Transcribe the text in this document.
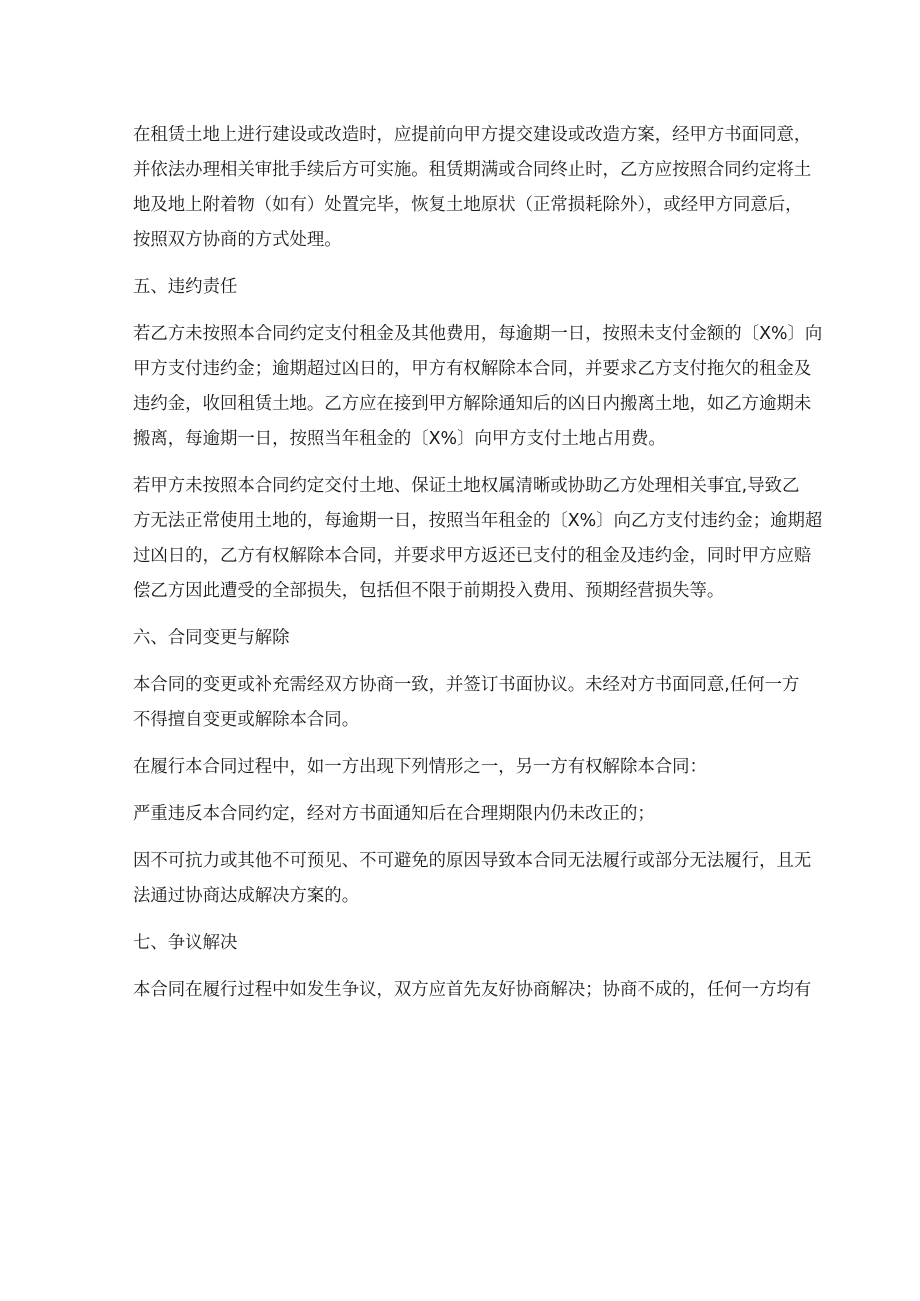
在租赁土地上进行建设或改造时，应提前向甲方提交建设或改造方案，经甲方书面同意，
并依法办理相关审批手续后方可实施。租赁期满或合同终止时，乙方应按照合同约定将土
地及地上附着物（如有）处置完毕，恢复土地原状（正常损耗除外），或经甲方同意后，
按照双方协商的方式处理。
五、违约责任
若乙方未按照本合同约定支付租金及其他费用，每逾期一日，按照未支付金额的〔X%〕向
甲方支付违约金；逾期超过凶日的，甲方有权解除本合同，并要求乙方支付拖欠的租金及
违约金，收回租赁土地。乙方应在接到甲方解除通知后的凶日内搬离土地，如乙方逾期未
搬离，每逾期一日，按照当年租金的〔X%〕向甲方支付土地占用费。
若甲方未按照本合同约定交付土地、保证土地权属清晰或协助乙方处理相关事宜,导致乙
方无法正常使用土地的，每逾期一日，按照当年租金的〔X%〕向乙方支付违约金；逾期超
过凶日的，乙方有权解除本合同，并要求甲方返还已支付的租金及违约金，同时甲方应赔
偿乙方因此遭受的全部损失，包括但不限于前期投入费用、预期经营损失等。
六、合同变更与解除
本合同的变更或补充需经双方协商一致，并签订书面协议。未经对方书面同意,任何一方
不得擅自变更或解除本合同。
在履行本合同过程中，如一方出现下列情形之一，另一方有权解除本合同：
严重违反本合同约定，经对方书面通知后在合理期限内仍未改正的；
因不可抗力或其他不可预见、不可避免的原因导致本合同无法履行或部分无法履行，且无
法通过协商达成解决方案的。
七、争议解决
本合同在履行过程中如发生争议，双方应首先友好协商解决；协商不成的，任何一方均有
